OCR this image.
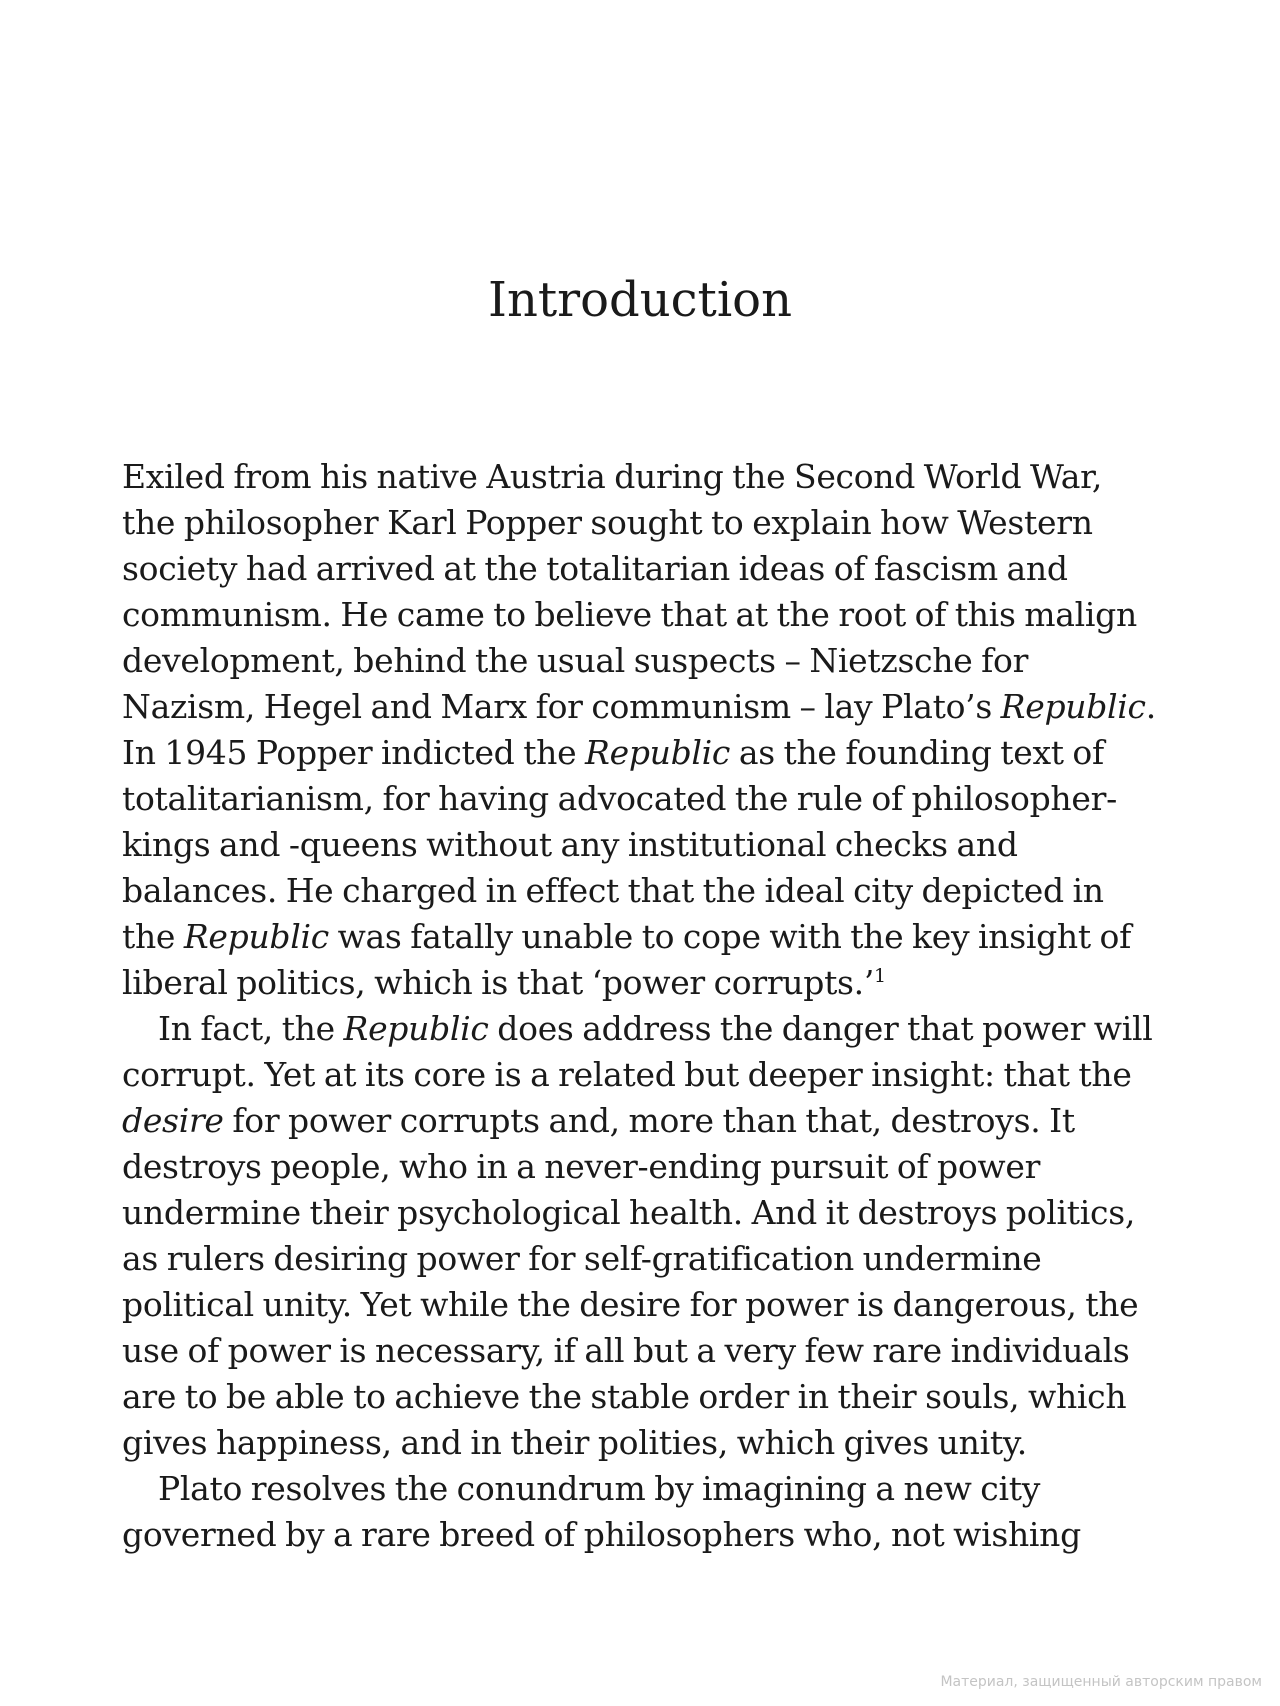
Introduction
Exiled from his native Austria during the Second World War,
the philosopher Karl Popper sought to explain how Western
society had arrived at the totalitarian ideas of fascism and
communism. He came to believe that at the root of this malign
development, behind the usual suspects – Nietzsche for
Nazism, Hegel and Marx for communism – lay Plato’s Republic.
In 1945 Popper indicted the Republic as the founding text of
totalitarianism, for having advocated the rule of philosopher-
kings and -queens without any institutional checks and
balances. He charged in effect that the ideal city depicted in
the Republic was fatally unable to cope with the key insight of
liberal politics, which is that ‘power corrupts.’$^1$
In fact, the Republic does address the danger that power will
corrupt. Yet at its core is a related but deeper insight: that the
desire for power corrupts and, more than that, destroys. It
destroys people, who in a never-ending pursuit of power
undermine their psychological health. And it destroys politics,
as rulers desiring power for self-gratification undermine
political unity. Yet while the desire for power is dangerous, the
use of power is necessary, if all but a very few rare individuals
are to be able to achieve the stable order in their souls, which
gives happiness, and in their polities, which gives unity.
Plato resolves the conundrum by imagining a new city
governed by a rare breed of philosophers who, not wishing
Материал, защищенный авторским правом
